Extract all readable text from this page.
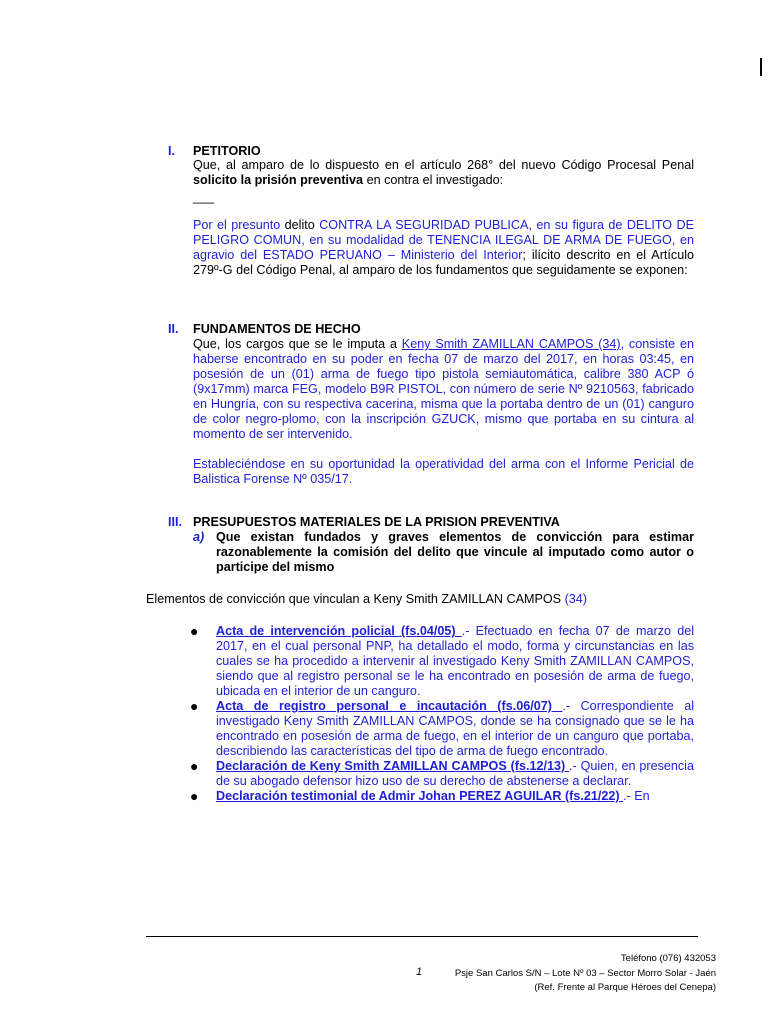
I. PETITORIO
Que, al amparo de lo dispuesto en el artículo 268° del nuevo Código Procesal Penal solicito la prisión preventiva en contra el investigado:
___
Por el presunto delito CONTRA LA SEGURIDAD PUBLICA, en su figura de DELITO DE PELIGRO COMUN, en su modalidad de TENENCIA ILEGAL DE ARMA DE FUEGO, en agravio del ESTADO PERUANO – Ministerio del Interior; ilícito descrito en el Artículo 279º-G del Código Penal, al amparo de los fundamentos que seguidamente se exponen:
II. FUNDAMENTOS DE HECHO
Que, los cargos que se le imputa a Keny Smith ZAMILLAN CAMPOS (34), consiste en haberse encontrado en su poder en fecha 07 de marzo del 2017, en horas 03:45, en posesión de un (01) arma de fuego tipo pistola semiautomática, calibre 380 ACP ó (9x17mm) marca FEG, modelo B9R PISTOL, con número de serie Nº 9210563, fabricado en Hungría, con su respectiva cacerina, misma que la portaba dentro de un (01) canguro de color negro-plomo, con la inscripción GZUCK, mismo que portaba en su cintura al momento de ser intervenido.
Estableciéndose en su oportunidad la operatividad del arma con el Informe Pericial de Balistica Forense Nº 035/17.
III. PRESUPUESTOS MATERIALES DE LA PRISION PREVENTIVA
a) Que existan fundados y graves elementos de convicción para estimar razonablemente la comisión del delito que vincule al imputado como autor o participe del mismo
Elementos de convicción que vinculan a Keny Smith ZAMILLAN CAMPOS (34)
● Acta de intervención policial (fs.04/05) .- Efectuado en fecha 07 de marzo del 2017, en el cual personal PNP, ha detallado el modo, forma y circunstancias en las cuales se ha procedido a intervenir al investigado Keny Smith ZAMILLAN CAMPOS, siendo que al registro personal se le ha encontrado en posesión de arma de fuego, ubicada en el interior de un canguro.
● Acta de registro personal e incautación (fs.06/07) .- Correspondiente al investigado Keny Smith ZAMILLAN CAMPOS, donde se ha consignado que se le ha encontrado en posesión de arma de fuego, en el interior de un canguro que portaba, describiendo las características del tipo de arma de fuego encontrado.
● Declaración de Keny Smith ZAMILLAN CAMPOS (fs.12/13) .- Quien, en presencia de su abogado defensor hizo uso de su derecho de abstenerse a declarar.
● Declaración testimonial de Admir Johan PEREZ AGUILAR (fs.21/22) .- En
Teléfono (076) 432053
1	Psje San Carlos S/N – Lote Nº 03 – Sector Morro Solar - Jaén
(Ref. Frente al Parque Héroes del Cenepa)
